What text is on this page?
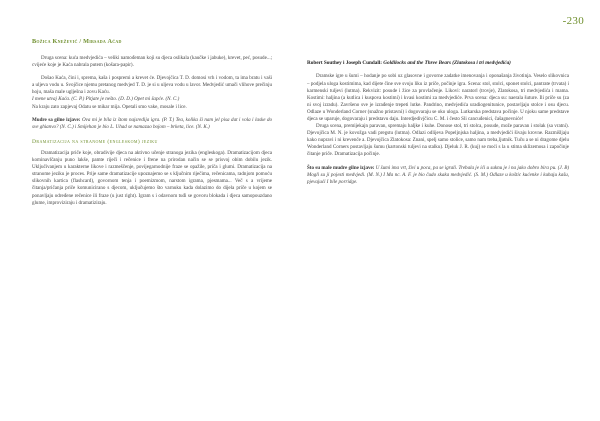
-230
Božica Knežević / Mirsada Aćad

Druga scena: kuća medvjedića – veliki namođeman koji su djeca oslikala (kaučke i jabuke), krevet, peć, posude...; cvijeće koje je Kaća nabrala putem (košara-papir).

Došao Kaća, čini i, sprema, kaša i pospremi a krevet će. Djevojčica T. D. domosi vrh i vodom, ta ima bratu i vaši a uljeva vodu u. Svojčice njemu pretanog medvjed T. D. je si u uljeva vodu u lavor. Medvjedić umači vlihove prečinju hoju, maša male uglješna i zovu Kaću.

I mene utvaj Kaća. (C. P.) Pitjate je nešto. (D. D.) Opet mi šapće. (N. C.)

Na kraju zato zapjevaj Odatu se mikar mija. Opetali smo vake, mosale i lice.

Mudre sa gilne izjave: Ova mi je bila iz štom najsredija igra. (P. T.) Tea, kolika ši nam jel pisa dat i vola i laske do sve ghianvo? (N. C.) i Smijehan je bio L. Uhad se namazao bojom – brketa, lice. (N. K.)

Dramatizacija na stranome (engleskom) jeziku

Dramatizacija priče koje, obradivije djeca na aktivno učenje stranoga jezika (engleskoga). Dramatizacijom djeca kominavlčanju puno lakše, pamte riječi i rečenice i frene na prirodan način se se prisvoj obim dobilu jezik. Uključivanjem u karakterne likove i razmeščenje, povijegarnodnije fraze se opažile, priča i glumi. Dramatizacija na stranome jeziku je proces. Prije same dramatizacije upoznajemo se s ključnim riječima, rečenicama, radnjom pomoću slikovnih kartica (flashcard), govornom tenja i poemizmom, narstom igrama, pjesmama... Več s a vrijeme čitanja/pričanja priče komunicirano s djecom, uključujemo što varnuku kada dolazimo do dijela priče u kojem se ponavljaju određene rečenice ili fraze (u just right). Igram s i odavnom tuđi se govoru blokada i djeca samopouzdano glume, improviziraju i dramatiziraju.

Robert Southey i Joseph Cundall: Goldilocks and the Three Bears (Zlatokosa i tri medvjedića)

Dramske igre u šumi – hodanje po sobi uz glasovne i govorne zadatke imenovanja i oponašanja životinja. Veselo slikovnica – podjela uloga kostimima, kad dijete čine sve svoju liku iz priče, počinje igra. Scena: stol, stolci, sponet stolci, pantrate (trvata) i karmenski tuljevi (lutma). Rekvizit: posude i žice za provlačenje. Likovi: naratorl (trovje), Zlatokosa, tri medvjedića i mama. Kostimi: haljina (a kutlica i kuspova kostimi) i kvasi kostimi za medvjediće. Prva scena: djeca su: naerala šuture. Ili priče su (za ni svoj izradu). Završeno sve je izrađenje trepeti lutke. Pandrino, medvjedića uradiogenitunice, postavljaju stolce i osu djecu. Odlaze u Wonderland Corner (snažno pristavni) i dogovaraju se oko uloga. Lutkarska predstava počinje. U njoku same predstave djeca se uparuje, dogovaraju i predstavu daju. Interdjedivjčicu C. M. i često Sli cancuđenici, čašagnevniće!

Druga scena, premijekajn paravan, spremaju haljke i kuhe. Donose stol, tri stolca, posude, može paravan i stolak (sa vratni). Djevojčica M. N. je kovožga vadi pregstu (lutma). Odlazi odlijeva Popeljnjska haljina, a medvjedići šivaju krovne. Razmišljaju kako nupravi i ni krevenče a. Djevojčica Zlatokosa: Znani, spelj samo stolice, samo nam treba,ljutnik. Tuču a se ni dragome djelu Wonderland Corners postavljaju šumu (kartonski tuljevi na stalku). Djeluk J. R. (kuj) se moći s la u stima sklizemosa i započinje čitanje priče. Dramatizacija počinje.

Što su male mudre gilne izjave: U šumi ima vrt, živi u poca, pa se igrali. Trebala je ići u suknu je i na jako dobro bira pu. (J. B) Mogli su ji pojesti medvjedi. (M. N.) I Ma nc. A. F. je bio čudo skaka medvjedić. (S. M.) Odlaze u koštic kućenke i kuhaju kašu, pjevajući I bile porridge.
